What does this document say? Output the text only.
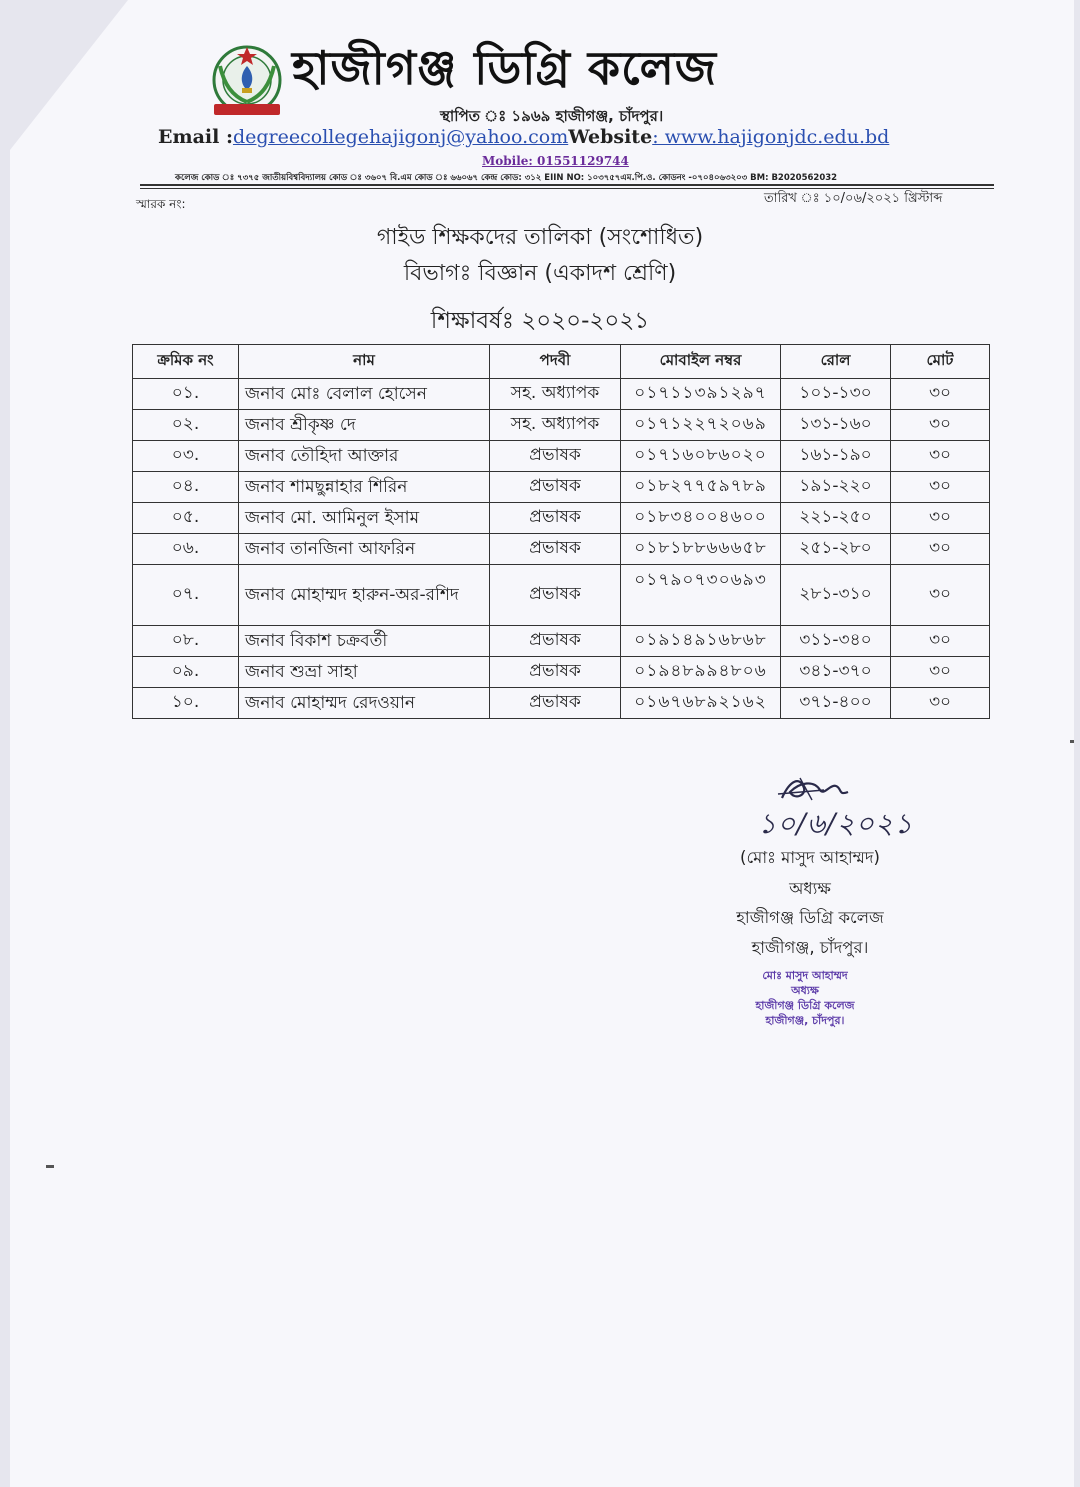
হাজীগঞ্জ ডিগ্রি কলেজ
স্থাপিত ঃ ১৯৬৯ হাজীগঞ্জ, চাঁদপুর।
Email :degreecollegehajigonj@yahoo.comWebsite: www.hajigonjdc.edu.bd
Mobile: 01551129744
কলেজ কোড ঃ ৭৩৭৫ জাতীয়বিশ্ববিদ্যালয় কোড ঃ ৩৬০৭ বি.এম কোড ঃ ৬৬০৬৭ কেন্দ্র কোড: ৩১২ EIIN NO: ১০৩৭৫৭এম.পি.ও. কোডনং -০৭০৪০৬৩২০৩ BM: B2020562032
স্মারক নং:	তারিখ ঃ ১০/০৬/২০২১ খ্রিস্টাব্দ
গাইড শিক্ষকদের তালিকা (সংশোধিত)
বিভাগঃ বিজ্ঞান (একাদশ শ্রেণি)
শিক্ষাবর্ষঃ ২০২০-২০২১
ক্রমিক নং	নাম	পদবী	মোবাইল নম্বর	রোল	মোট
০১.	জনাব মোঃ বেলাল হোসেন	সহ. অধ্যাপক	০১৭১১৩৯১২৯৭	১০১-১৩০	৩০
০২.	জনাব শ্রীকৃষ্ণ দে	সহ. অধ্যাপক	০১৭১২২৭২০৬৯	১৩১-১৬০	৩০
০৩.	জনাব তৌহিদা আক্তার	প্রভাষক	০১৭১৬০৮৬০২০	১৬১-১৯০	৩০
০৪.	জনাব শামছুন্নাহার শিরিন	প্রভাষক	০১৮২৭৭৫৯৭৮৯	১৯১-২২০	৩০
০৫.	জনাব মো. আমিনুল ইসাম	প্রভাষক	০১৮৩৪০০৪৬০০	২২১-২৫০	৩০
০৬.	জনাব তানজিনা আফরিন	প্রভাষক	০১৮১৮৮৬৬৬৫৮	২৫১-২৮০	৩০
০৭.	জনাব মোহাম্মদ হারুন-অর-রশিদ	প্রভাষক	০১৭৯০৭৩০৬৯৩	২৮১-৩১০	৩০
০৮.	জনাব বিকাশ চক্রবর্তী	প্রভাষক	০১৯১৪৯১৬৮৬৮	৩১১-৩৪০	৩০
০৯.	জনাব শুভ্রা সাহা	প্রভাষক	০১৯৪৮৯৯৪৮০৬	৩৪১-৩৭০	৩০
১০.	জনাব মোহাম্মদ রেদওয়ান	প্রভাষক	০১৬৭৬৮৯২১৬২	৩৭১-৪০০	৩০
১০/৬/২০২১
(মোঃ মাসুদ আহাম্মদ)
অধ্যক্ষ
হাজীগঞ্জ ডিগ্রি কলেজ
হাজীগঞ্জ, চাঁদপুর।
মোঃ মাসুদ আহাম্মদ
অধ্যক্ষ
হাজীগঞ্জ ডিগ্রি কলেজ
হাজীগঞ্জ, চাঁদপুর।
